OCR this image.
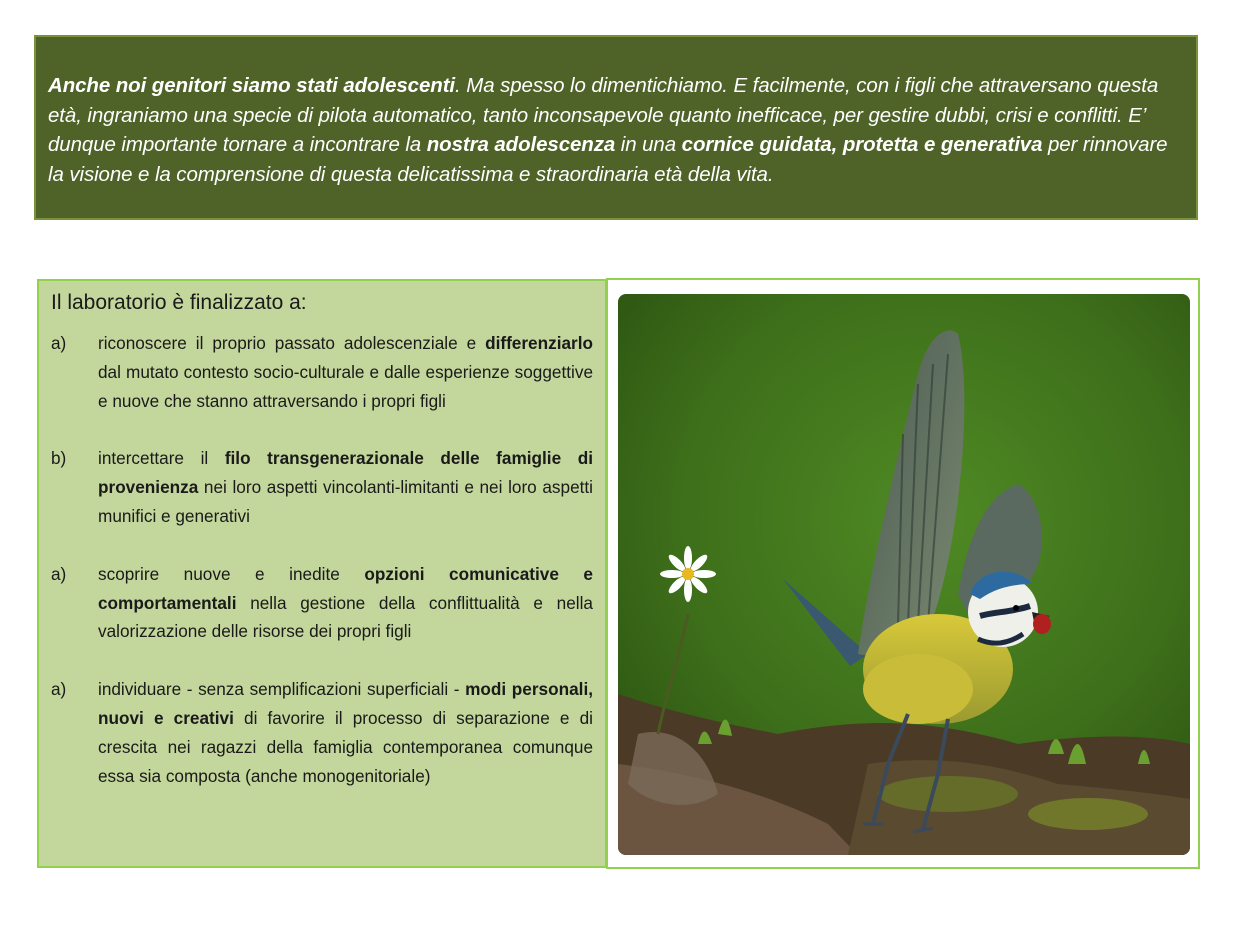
Anche noi genitori siamo stati adolescenti. Ma spesso lo dimentichiamo. E facilmente, con i figli che attraversano questa età, ingraniamo una specie di pilota automatico, tanto inconsapevole quanto inefficace, per gestire dubbi, crisi e conflitti. E’ dunque importante tornare a incontrare la nostra adolescenza in una cornice guidata, protetta e generativa per rinnovare la visione e la comprensione di questa delicatissima e straordinaria età della vita.
Il laboratorio è finalizzato a:
a)	riconoscere il proprio passato adolescenziale e differenziarlo dal mutato contesto socio-culturale e dalle esperienze soggettive e nuove che stanno attraversando i propri figli
b)	intercettare il filo transgenerazionale delle famiglie di provenienza nei loro aspetti vincolanti-limitanti e nei loro aspetti munifici e generativi
a)	scoprire nuove e inedite opzioni comunicative e comportamentali nella gestione della conflittualità e nella valorizzazione delle risorse dei propri figli
a)	individuare - senza semplificazioni superficiali - modi personali, nuovi e creativi di favorire il processo di separazione e di crescita nei ragazzi della famiglia contemporanea comunque essa sia composta (anche monogenitoriale)
